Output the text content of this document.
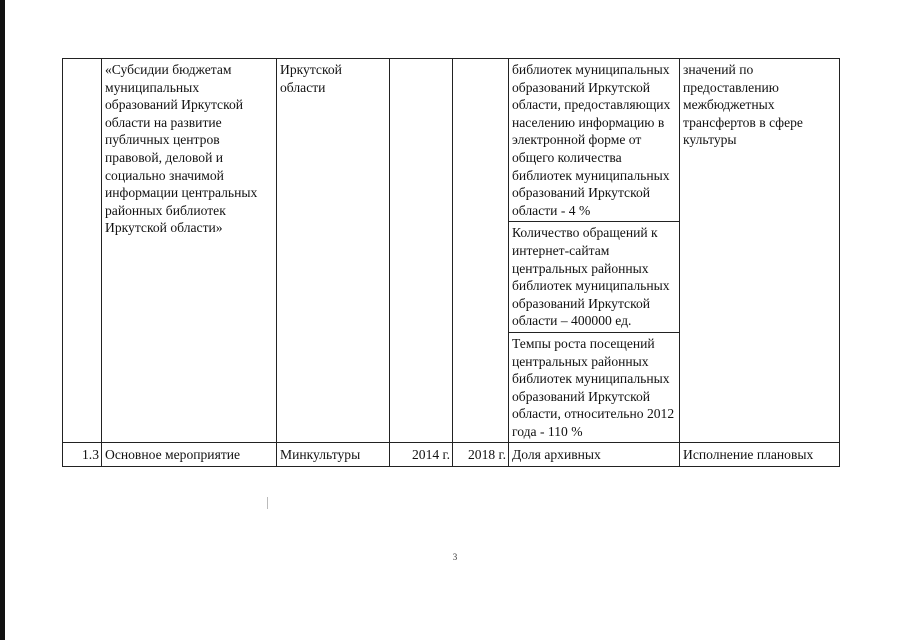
	«Субсидии бюджетам муниципальных образований Иркутской области на развитие публичных центров правовой, деловой и социально значимой информации центральных районных библиотек Иркутской области»	Иркутской области			библиотек муниципальных образований Иркутской области, предоставляющих населению информацию в электронной форме от общего количества библиотек муниципальных образований Иркутской области - 4 %	значений по предоставлению межбюджетных трансфертов в сфере культуры
					Количество обращений к интернет-сайтам центральных районных библиотек муниципальных образований Иркутской области – 400000 ед.	
					Темпы роста посещений центральных районных библиотек муниципальных образований Иркутской области, относительно 2012 года - 110 %	
1.3	Основное мероприятие	Минкультуры	2014 г.	2018 г.	Доля архивных	Исполнение плановых
3
